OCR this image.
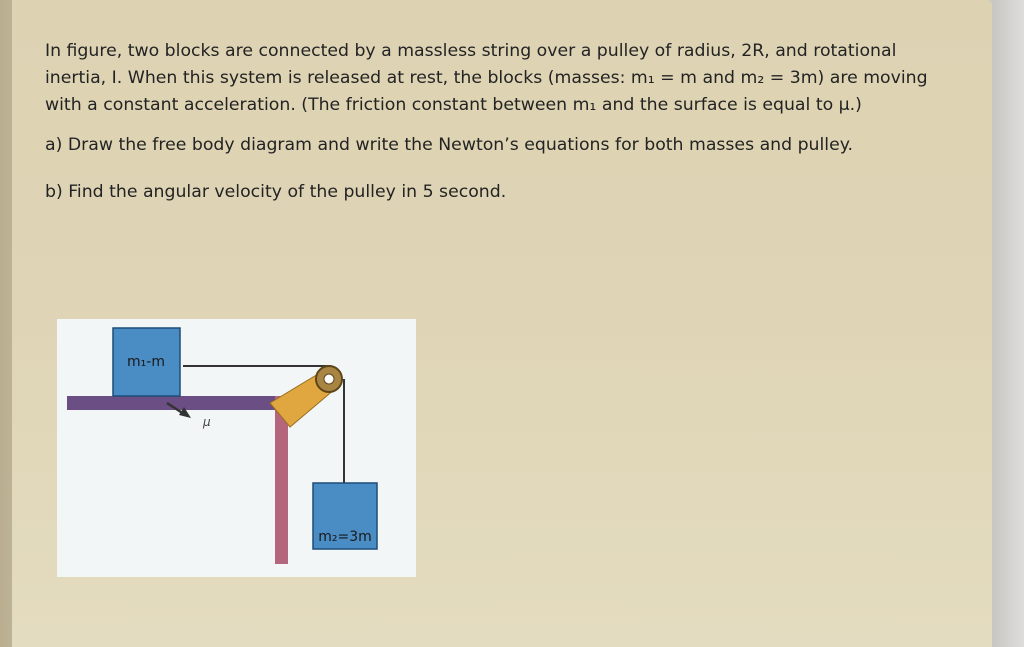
In figure, two blocks are connected by a massless string over a pulley of radius, 2R, and rotational inertia, I. When this system is released at rest, the blocks (masses: m₁ = m and m₂ = 3m) are moving with a constant acceleration. (The friction constant between m₁ and the surface is equal to μ.)

a) Draw the free body diagram and write the Newton’s equations for both masses and pulley.

b) Find the angular velocity of the pulley in 5 second.

m₁-m
m₂=3m
μ
